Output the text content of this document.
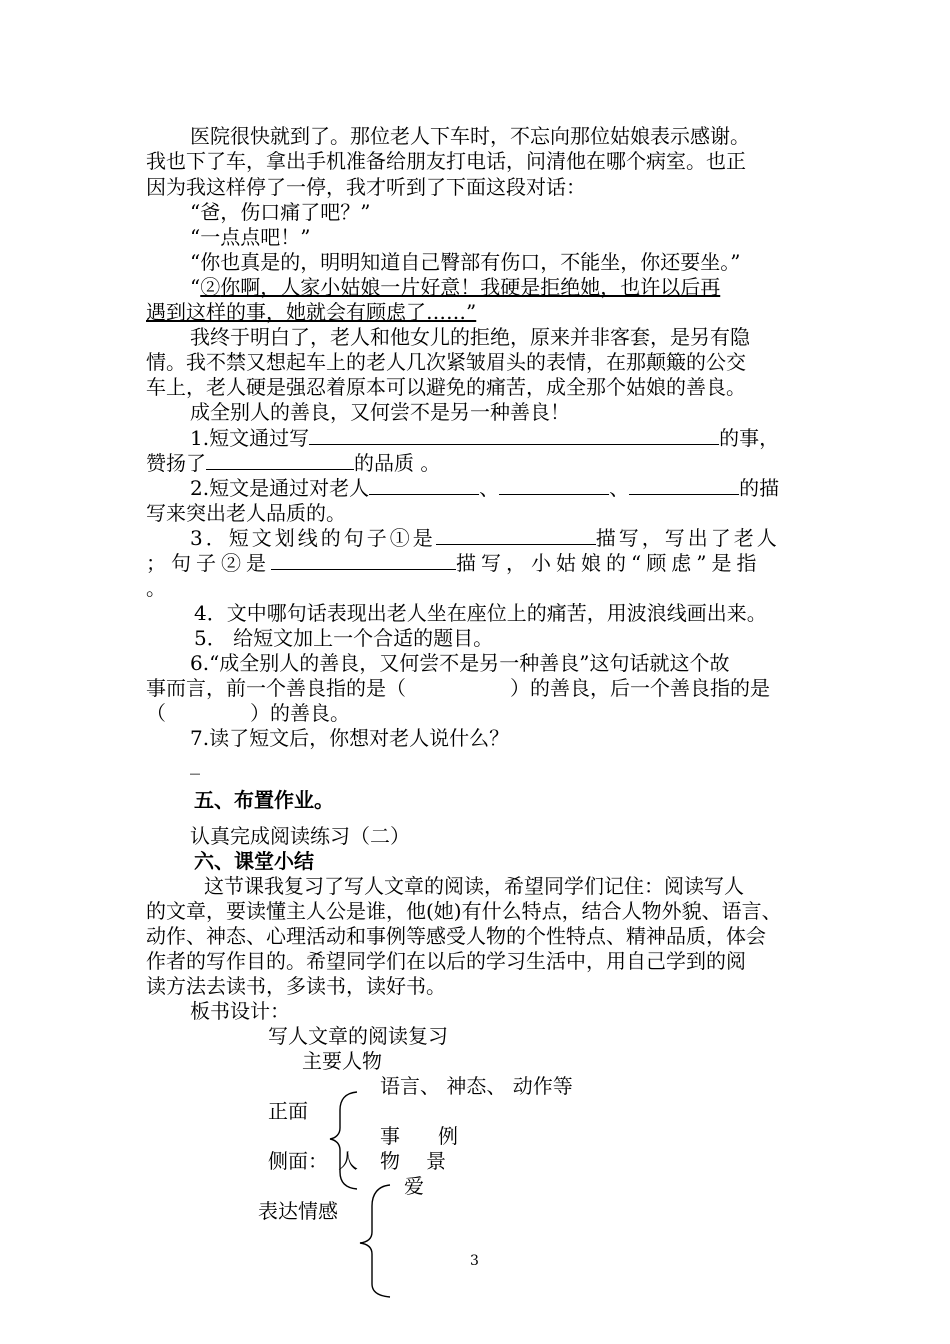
医院很快就到了。那位老人下车时，不忘向那位姑娘表示感谢。
我也下了车，拿出手机准备给朋友打电话，问清他在哪个病室。也正
因为我这样停了一停，我才听到了下面这段对话：
“爸，伤口痛了吧？”
“一点点吧！”
“你也真是的，明明知道自己臀部有伤口，不能坐，你还要坐。”
“②你啊，人家小姑娘一片好意！我硬是拒绝她，也许以后再
遇到这样的事，她就会有顾虑了……”
我终于明白了，老人和他女儿的拒绝，原来并非客套，是另有隐
情。我不禁又想起车上的老人几次紧皱眉头的表情，在那颠簸的公交
车上，老人硬是强忍着原本可以避免的痛苦，成全那个姑娘的善良。
成全别人的善良，又何尝不是另一种善良！
1.短文通过写	的事，
赞扬了	的品质 。
2.短文是通过对老人	、	、	的描
写来突出老人品质的。
3．短文划线的句子①是	描写，写出了老人
；句子②是	描写，小姑娘的“顾虑”是指
。
4．文中哪句话表现出老人坐在座位上的痛苦，用波浪线画出来。
5． 给短文加上一个合适的题目。
6.“成全别人的善良，又何尝不是另一种善良”这句话就这个故
事而言，前一个善良指的是（	）的善良，后一个善良指的是
（	）的善良。
7.读了短文后，你想对老人说什么？
_
五、布置作业。
认真完成阅读练习（二）
六、课堂小结
这节课我复习了写人文章的阅读，希望同学们记住：阅读写人
的文章，要读懂主人公是谁，他(她)有什么特点，结合人物外貌、语言、
动作、神态、心理活动和事例等感受人物的个性特点、精神品质，体会
作者的写作目的。希望同学们在以后的学习生活中，用自己学到的阅
读方法去读书，多读书，读好书。
板书设计：
写人文章的阅读复习
主要人物
语言、 神态、 动作等
正面
事 例
侧面： 人 物 景
爱
表达情感
3
